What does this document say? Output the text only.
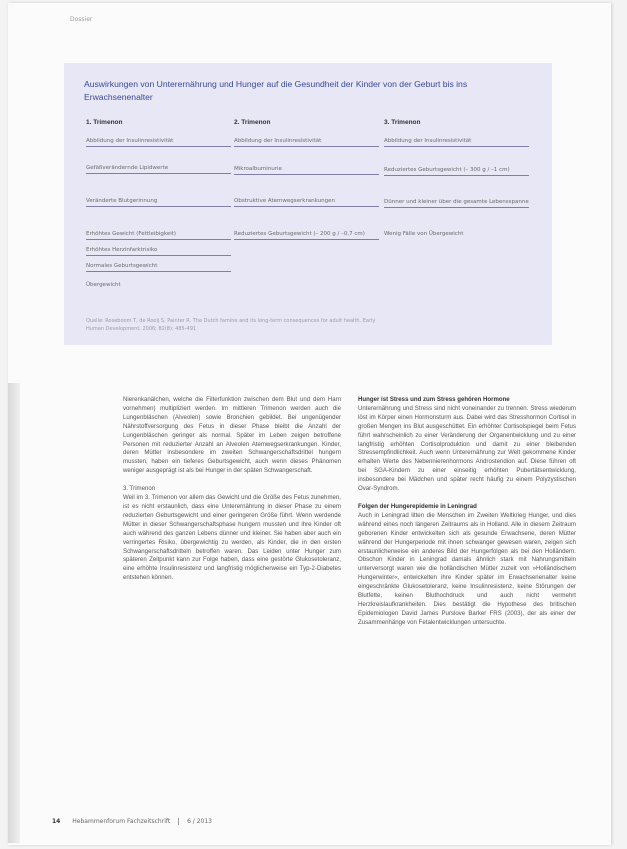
Dossier
Auswirkungen von Unterernährung und Hunger auf die Gesundheit der Kinder von der Geburt bis ins Erwachsenenalter
1. Trimenon
Abbildung der Insulinresistivität
Gefäßverändernde Lipidwerte
Veränderte Blutgerinnung
Erhöhtes Gewicht (Fettleibigkeit)
Erhöhtes Herzinfarktrisiko
Normales Geburtsgewicht
Übergewicht
2. Trimenon
Abbildung der Insulinresistivität
Mikroalbuminurie
Obstruktive Atemwegserkrankungen
Reduziertes Geburtsgewicht (– 200 g / –0,7 cm)
3. Trimenon
Abbildung der Insulinresistivität
Reduziertes Geburtsgewicht (– 300 g / –1 cm)
Dünner und kleiner über die gesamte Lebensspanne
Wenig Fälle von Übergewicht
Quelle: Roseboom T, de Rooij S, Painter R. The Dutch famine and its long-term consequences for adult health. Early Human Development, 2006; 82(8): 485-491

Nierenkanälchen, welche die Filterfunktion zwischen dem Blut und dem Harn vornehmen) multipliziert werden. Im mittleren Trimenon werden auch die Lungenbläschen (Alveolen) sowie Bronchien gebildet. Bei ungenügender Nährstoffversorgung des Fetus in dieser Phase bleibt die Anzahl der Lungenbläschen geringer als normal. Später im Leben zeigen betroffene Personen mit reduzierter Anzahl an Alveolen Atemwegserkrankungen. Kinder, deren Mütter insbesondere im zweiten Schwangerschaftsdrittel hungern mussten, haben ein tieferes Geburtsgewicht, auch wenn dieses Phänomen weniger ausgeprägt ist als bei Hunger in der späten Schwangerschaft.

3. Trimenon

Weil im 3. Trimenon vor allem das Gewicht und die Größe des Fetus zunehmen, ist es nicht erstaunlich, dass eine Unterernährung in dieser Phase zu einem reduzierten Geburtsgewicht und einer geringeren Größe führt. Wenn werdende Mütter in dieser Schwangerschaftsphase hungern mussten und ihre Kinder oft auch während des ganzen Lebens dünner und kleiner. Sie haben aber auch ein verringertes Risiko, übergewichtig zu werden, als Kinder, die in den ersten Schwangerschaftsdritteln betroffen waren. Das Leiden unter Hunger zum späteren Zeitpunkt kann zur Folge haben, dass eine gestörte Glukosetoleranz, eine erhöhte Insulinresistenz und langfristig möglicherweise ein Typ-2-Diabetes entstehen können.

Hunger ist Stress und zum Stress gehören Hormone

Unterernährung und Stress sind nicht voneinander zu trennen. Stress wiederum löst im Körper einen Hormonsturm aus. Dabei wird das Stresshormon Cortisol in großen Mengen ins Blut ausgeschüttet. Ein erhöhter Cortisolspiegel beim Fetus führt wahrscheinlich zu einer Veränderung der Organentwicklung und zu einer langfristig erhöhten Cortisolproduktion und damit zu einer bleibenden Stressempfindlichkeit. Auch wenn Unterernährung zur Welt gekommene Kinder erhalten Werte des Nebennierenhormons Androstendion auf. Diese führen oft bei SGA-Kindern zu einer einseitig erhöhten Pubertätsentwicklung, insbesondere bei Mädchen und später recht häufig zu einem Polyzystischen Ovar-Syndrom.

Folgen der Hungerepidemie in Leningrad

Auch in Leningrad litten die Menschen im Zweiten Weltkrieg Hunger, und dies während eines noch längeren Zeitraums als in Holland. Alle in diesem Zeitraum geborenen Kinder entwickelten sich als gesunde Erwachsene, deren Mütter während der Hungerperiode mit ihnen schwanger gewesen waren, zeigen sich erstaunlicherweise ein anderes Bild der Hungerfolgen als bei den Holländern. Obschon Kinder in Leningrad damals ähnlich stark mit Nahrungsmitteln unterversorgt waren wie die holländischen Mütter zuzeit von »Holländischem Hungerwinter«, entwickelten ihre Kinder später im Erwachsenenalter keine eingeschränkte Glukosetoleranz, keine Insulinresistenz, keine Störungen der Blutfette, keinen Bluthochdruck und auch nicht vermehrt Herzkreislaufkrankheiten. Dies bestätigt die Hypothese des britischen Epidemiologen David James Purslove Barker FRS (2003), der als einer der Zusammenhänge von Fetalentwicklungen untersuchte.

14 Hebammenforum Fachzeitschrift	6 / 2013
